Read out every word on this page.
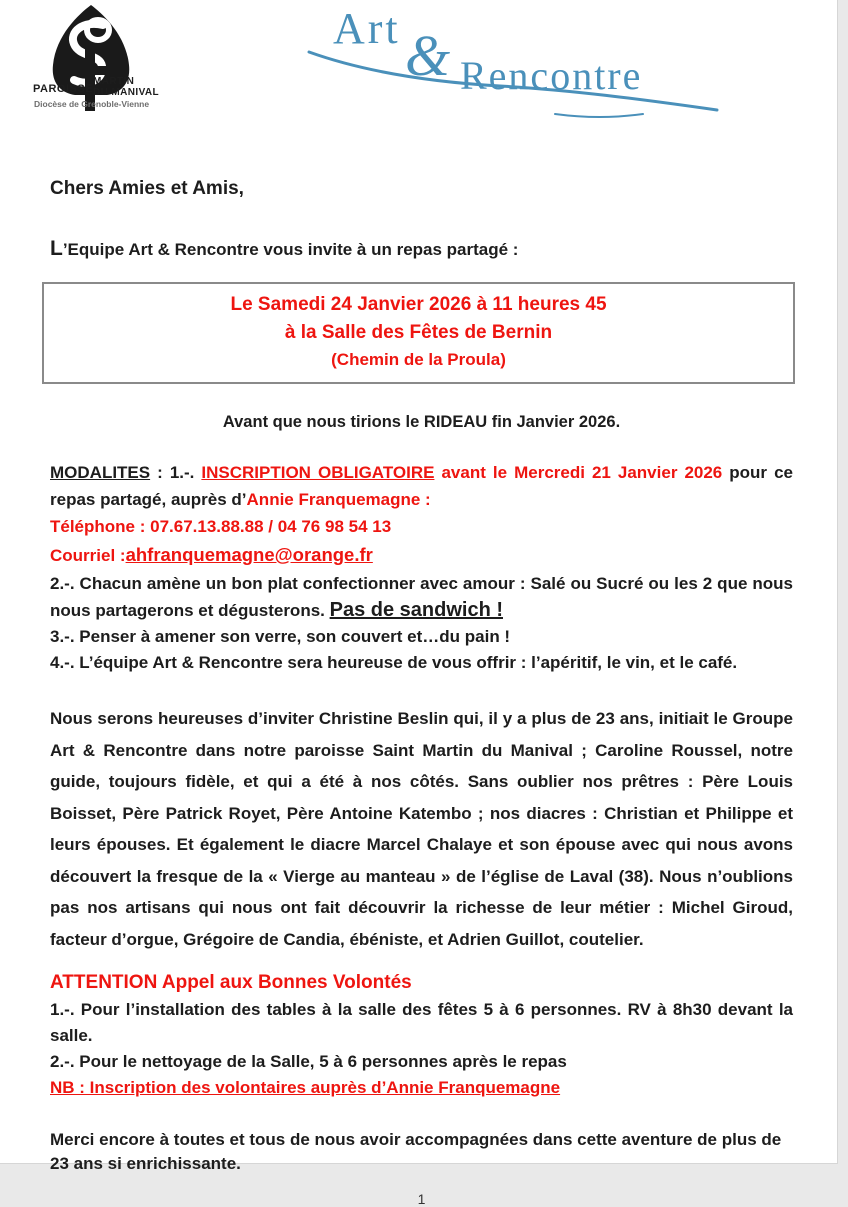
PAROISSE
MARTIN
DU MANIVAL
Diocèse de Grenoble-Vienne
Art & Rencontre
Chers Amies et Amis,
L’Equipe Art & Rencontre vous invite à un repas partagé :
Le Samedi 24 Janvier 2026 à 11 heures 45
à la Salle des Fêtes de Bernin
(Chemin de la Proula)
Avant que nous tirions le RIDEAU fin Janvier 2026.
MODALITES : 1.-. INSCRIPTION OBLIGATOIRE avant le Mercredi 21 Janvier 2026 pour ce repas partagé, auprès d’Annie Franquemagne :
Téléphone : 07.67.13.88.88 / 04 76 98 54 13
Courriel :ahfranquemagne@orange.fr
2.-. Chacun amène un bon plat confectionner avec amour : Salé ou Sucré ou les 2 que nous nous partagerons et dégusterons. Pas de sandwich !
3.-. Penser à amener son verre, son couvert et…du pain !
4.-. L’équipe Art & Rencontre sera heureuse de vous offrir : l’apéritif, le vin, et le café.
Nous serons heureuses d’inviter Christine Beslin qui, il y a plus de 23 ans, initiait le Groupe Art & Rencontre dans notre paroisse Saint Martin du Manival ; Caroline Roussel, notre guide, toujours fidèle, et qui a été à nos côtés. Sans oublier nos prêtres : Père Louis Boisset, Père Patrick Royet, Père Antoine Katembo ; nos diacres : Christian et Philippe et leurs épouses. Et également le diacre Marcel Chalaye et son épouse avec qui nous avons découvert la fresque de la « Vierge au manteau » de l’église de Laval (38). Nous n’oublions pas nos artisans qui nous ont fait découvrir la richesse de leur métier : Michel Giroud, facteur d’orgue, Grégoire de Candia, ébéniste, et Adrien Guillot, coutelier.
ATTENTION Appel aux Bonnes Volontés
1.-. Pour l’installation des tables à la salle des fêtes 5 à 6 personnes. RV à 8h30 devant la salle.
2.-. Pour le nettoyage de la Salle, 5 à 6 personnes après le repas
NB : Inscription des volontaires auprès d’Annie Franquemagne
Merci encore à toutes et tous de nous avoir accompagnées dans cette aventure de plus de 23 ans si enrichissante.
1
